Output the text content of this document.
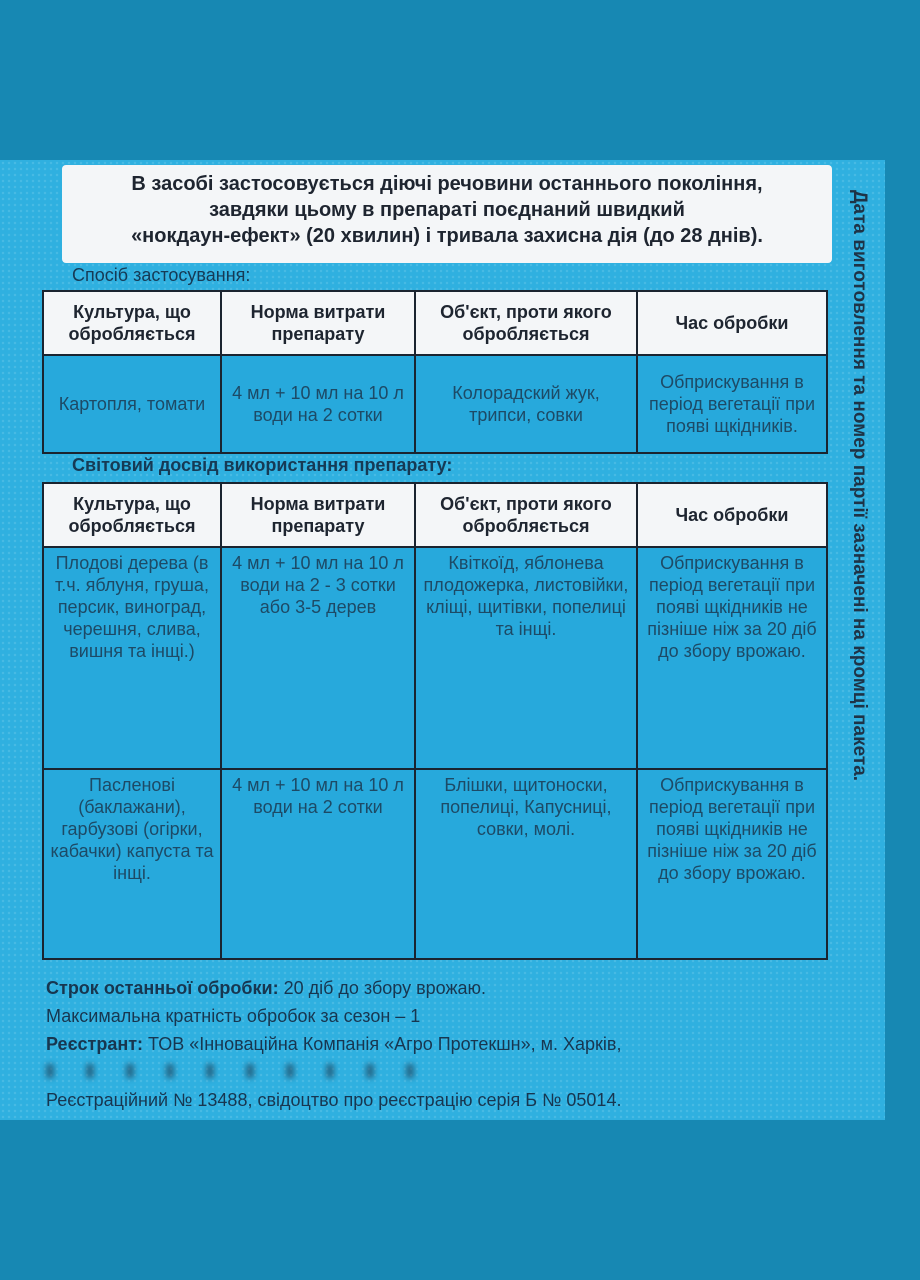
В засобі застосовується діючі речовини останнього покоління,
завдяки цьому в препараті поєднаний швидкий
«нокдаун-ефект» (20 хвилин) і тривала захисна дія (до 28 днів).
Спосіб застосування:
Культура, що обробляється	Норма витрати препарату	Об'єкт, проти якого обробляється	Час обробки
Картопля, томати	4 мл + 10 мл на 10 л води на 2 сотки	Колорадский жук, трипси, совки	Обприскування в період вегетації при появі щкідників.
Світовий досвід використання препарату:
Культура, що обробляється	Норма витрати препарату	Об'єкт, проти якого обробляється	Час обробки
Плодові дерева (в т.ч. яблуня, груша, персик, виноград, черешня, слива, вишня та інщі.)	4 мл + 10 мл на 10 л води на 2 - 3 сотки або 3-5 дерев	Квіткоїд, яблонева плодожерка, листовійки, кліщі, щитівки, попелиці та інщі.	Обприскування в період вегетації при появі щкідників не пізніше ніж за 20 діб до збору врожаю.
Пасленові (баклажани), гарбузові (огірки, кабачки) капуста та інщі.	4 мл + 10 мл на 10 л води на 2 сотки	Блішки, щитоноски, попелиці, Капусниці, совки, молі.	Обприскування в період вегетації при появі щкідників не пізніше ніж за 20 діб до збору врожаю.
Строк останньої обробки: 20 діб до збору врожаю.
Максимальна кратність обробок за сезон – 1
Реєстрант: ТОВ «Інноваційна Компанія «Агро Протекшн», м. Харків,
Реєстраційний № 13488, свідоцтво про реєстрацію серія Б № 05014.
Дата виготовлення та номер партії зазначені на кромці пакета.
